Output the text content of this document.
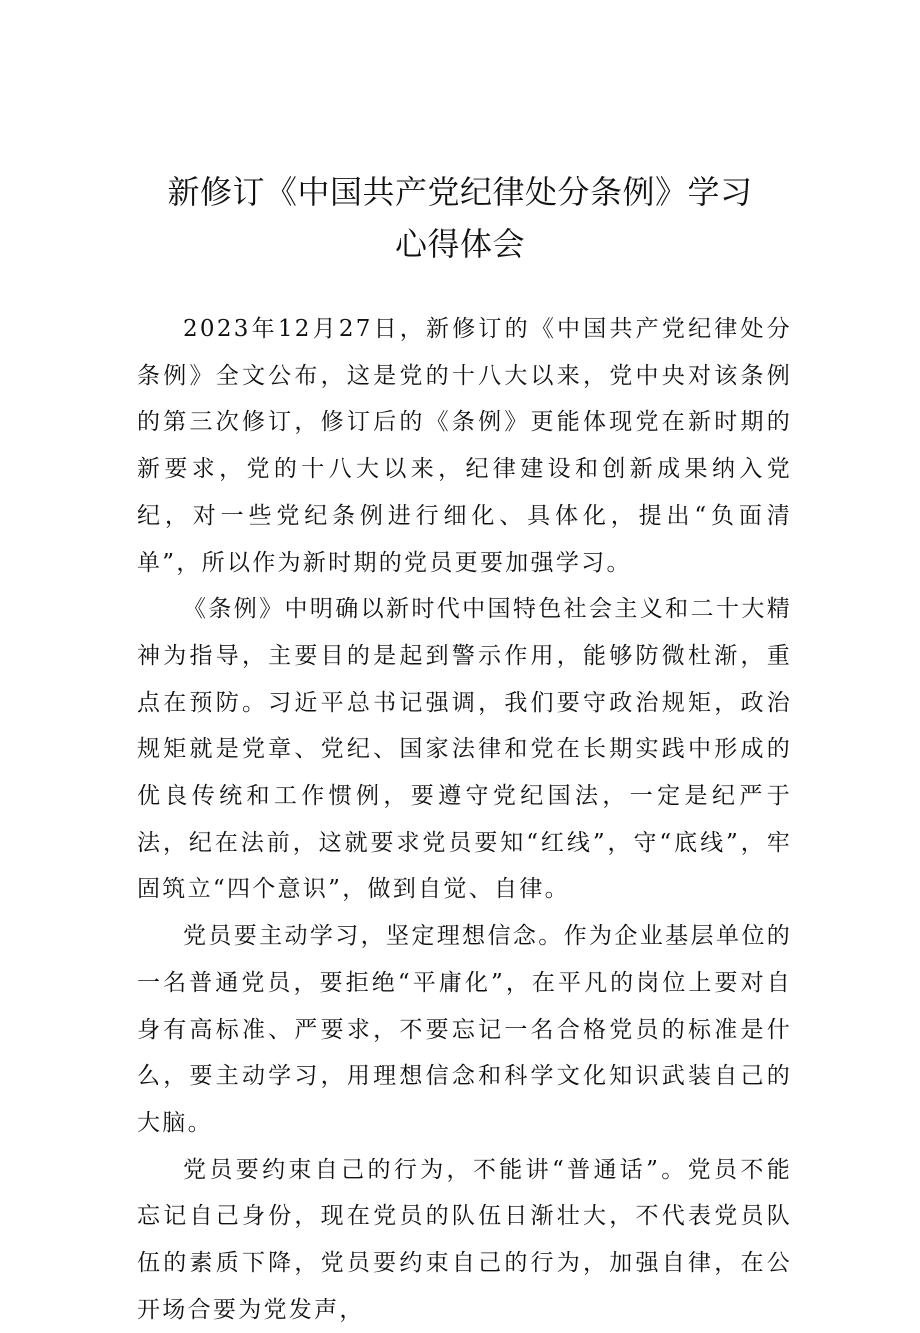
新修订《中国共产党纪律处分条例》学习
心得体会

2023年12月27日，新修订的《中国共产党纪律处分条例》全文公布，这是党的十八大以来，党中央对该条例的第三次修订，修订后的《条例》更能体现党在新时期的新要求，党的十八大以来，纪律建设和创新成果纳入党纪，对一些党纪条例进行细化、具体化，提出“负面清单”，所以作为新时期的党员更要加强学习。

《条例》中明确以新时代中国特色社会主义和二十大精神为指导，主要目的是起到警示作用，能够防微杜渐，重点在预防。习近平总书记强调，我们要守政治规矩，政治规矩就是党章、党纪、国家法律和党在长期实践中形成的优良传统和工作惯例，要遵守党纪国法，一定是纪严于法，纪在法前，这就要求党员要知“红线”，守“底线”，牢固筑立“四个意识”，做到自觉、自律。

党员要主动学习，坚定理想信念。作为企业基层单位的一名普通党员，要拒绝“平庸化”，在平凡的岗位上要对自身有高标准、严要求，不要忘记一名合格党员的标准是什么，要主动学习，用理想信念和科学文化知识武装自己的大脑。

党员要约束自己的行为，不能讲“普通话”。党员不能忘记自己身份，现在党员的队伍日渐壮大，不代表党员队伍的素质下降，党员要约束自己的行为，加强自律，在公开场合要为党发声，
